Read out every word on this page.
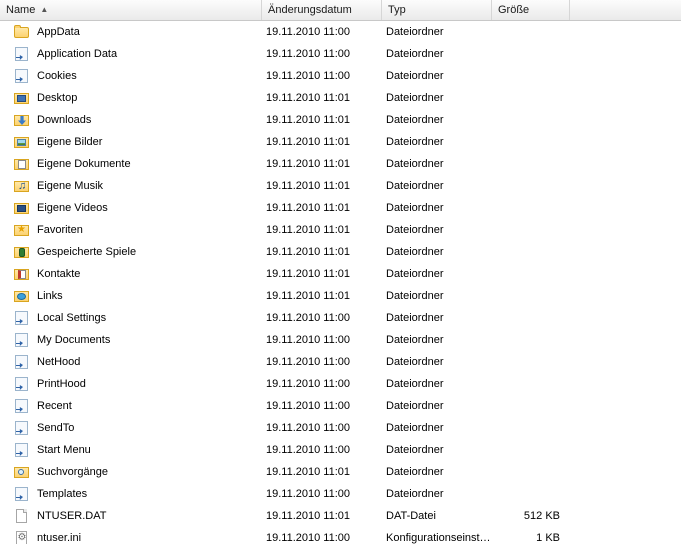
Name ▲	Änderungsdatum	Typ	Größe
AppData	19.11.2010 11:00	Dateiordner
Application Data	19.11.2010 11:00	Dateiordner
Cookies	19.11.2010 11:00	Dateiordner
Desktop	19.11.2010 11:01	Dateiordner
Downloads	19.11.2010 11:01	Dateiordner
Eigene Bilder	19.11.2010 11:01	Dateiordner
Eigene Dokumente	19.11.2010 11:01	Dateiordner
♫
Eigene Musik	19.11.2010 11:01	Dateiordner
Eigene Videos	19.11.2010 11:01	Dateiordner
★
Favoriten	19.11.2010 11:01	Dateiordner
Gespeicherte Spiele	19.11.2010 11:01	Dateiordner
Kontakte	19.11.2010 11:01	Dateiordner
Links	19.11.2010 11:01	Dateiordner
Local Settings	19.11.2010 11:00	Dateiordner
My Documents	19.11.2010 11:00	Dateiordner
NetHood	19.11.2010 11:00	Dateiordner
PrintHood	19.11.2010 11:00	Dateiordner
Recent	19.11.2010 11:00	Dateiordner
SendTo	19.11.2010 11:00	Dateiordner
Start Menu	19.11.2010 11:00	Dateiordner
Suchvorgänge	19.11.2010 11:01	Dateiordner
Templates	19.11.2010 11:00	Dateiordner
NTUSER.DAT	19.11.2010 11:01	DAT-Datei	512 KB
⚙
ntuser.ini	19.11.2010 11:00	Konfigurationseinst…	1 KB
